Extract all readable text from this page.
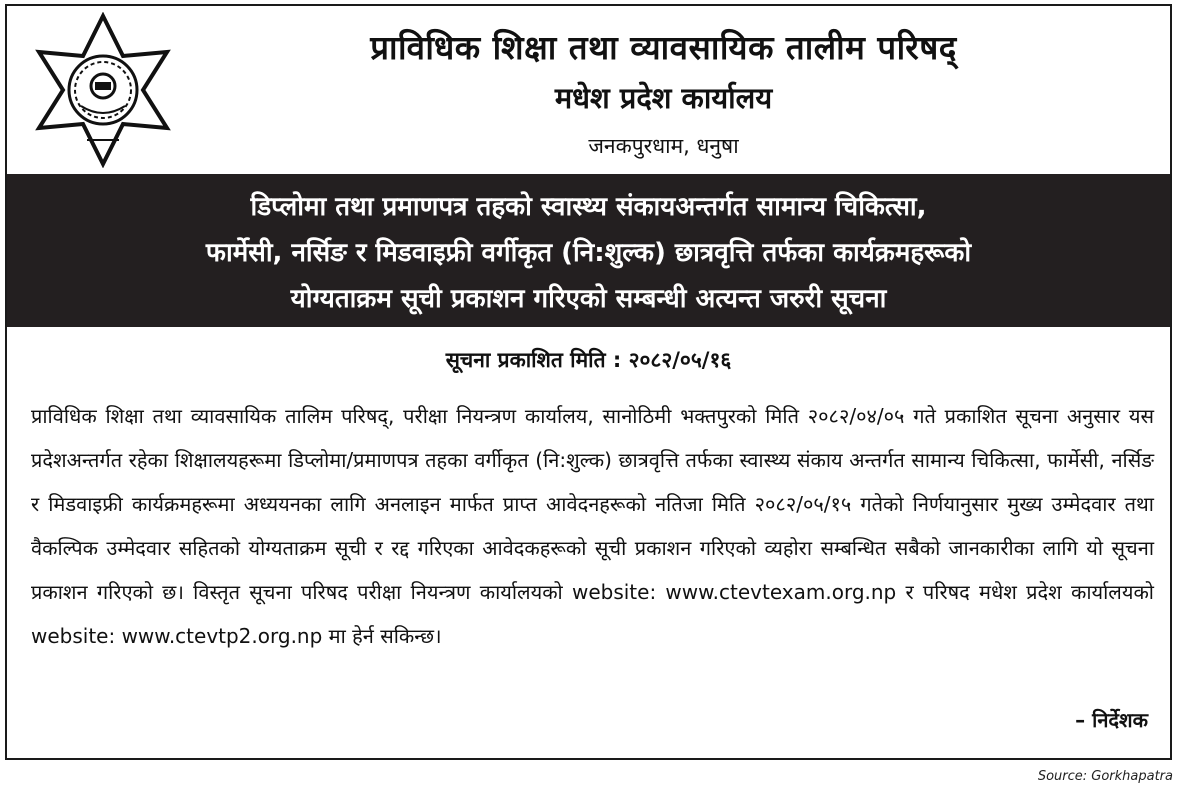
प्राविधिक शिक्षा तथा व्यावसायिक तालीम परिषद्
मधेश प्रदेश कार्यालय
जनकपुरधाम, धनुषा
डिप्लोमा तथा प्रमाणपत्र तहको स्वास्थ्य संकायअन्तर्गत सामान्य चिकित्सा,
फार्मेसी, नर्सिङ र मिडवाइफ्री वर्गीकृत (नि:शुल्क) छात्रवृत्ति तर्फका कार्यक्रमहरूको
योग्यताक्रम सूची प्रकाशन गरिएको सम्बन्धी अत्यन्त जरुरी सूचना
सूचना प्रकाशित मिति : २०८२/०५/१६
प्राविधिक शिक्षा तथा व्यावसायिक तालिम परिषद्, परीक्षा नियन्त्रण कार्यालय, सानोठिमी भक्तपुरको मिति २०८२/०४/०५ गते प्रकाशित सूचना अनुसार यस प्रदेशअन्तर्गत रहेका शिक्षालयहरूमा डिप्लोमा/प्रमाणपत्र तहका वर्गीकृत (नि:शुल्क) छात्रवृत्ति तर्फका स्वास्थ्य संकाय अन्तर्गत सामान्य चिकित्सा, फार्मेसी, नर्सिङ र मिडवाइफ्री कार्यक्रमहरूमा अध्ययनका लागि अनलाइन मार्फत प्राप्त आवेदनहरूको नतिजा मिति २०८२/०५/१५ गतेको निर्णयानुसार मुख्य उम्मेदवार तथा वैकल्पिक उम्मेदवार सहितको योग्यताक्रम सूची र रद्द गरिएका आवेदकहरूको सूची प्रकाशन गरिएको व्यहोरा सम्बन्धित सबैको जानकारीका लागि यो सूचना प्रकाशन गरिएको छ। विस्तृत सूचना परिषद परीक्षा नियन्त्रण कार्यालयको website: www.ctevtexam.org.np र परिषद मधेश प्रदेश कार्यालयको website: www.ctevtp2.org.np मा हेर्न सकिन्छ।
– निर्देशक
Source: Gorkhapatra
